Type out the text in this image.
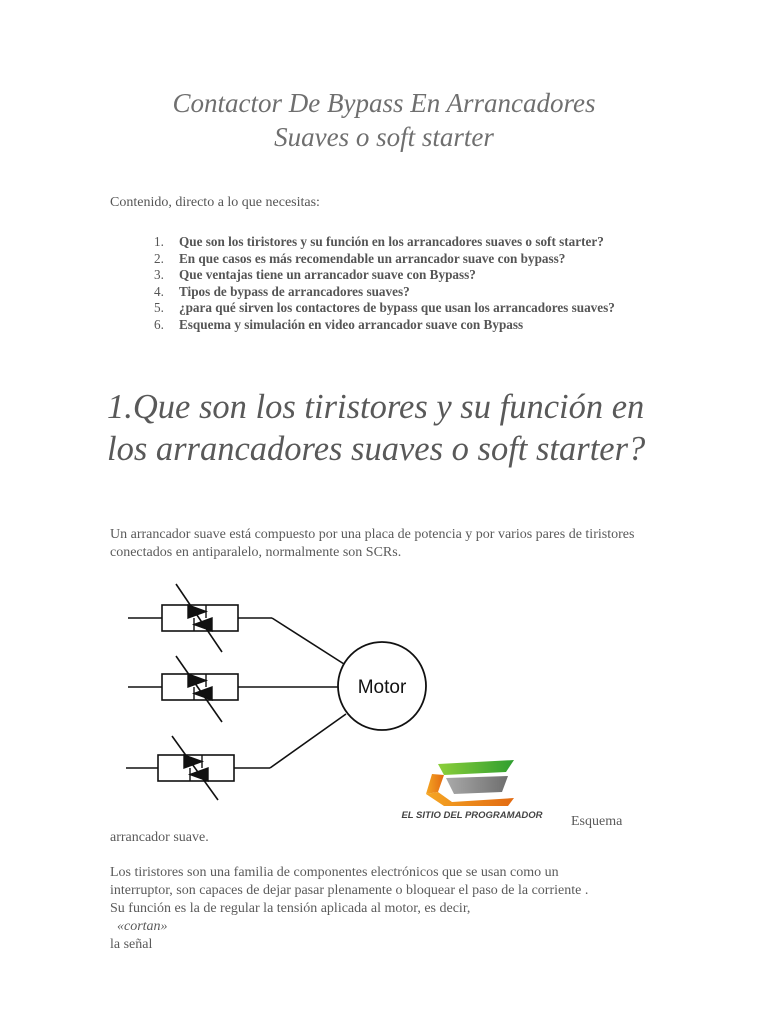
Contactor De Bypass En Arrancadores
Suaves o soft starter
Contenido, directo a lo que necesitas:
1. Que son los tiristores y su función en los arrancadores suaves o soft starter?
2. En que casos es más recomendable un arrancador suave con bypass?
3. Que ventajas tiene un arrancador suave con Bypass?
4. Tipos de bypass de arrancadores suaves?
5. ¿para qué sirven los contactores de bypass que usan los arrancadores suaves?
6. Esquema y simulación en video arrancador suave con Bypass
1.Que son los tiristores y su función en los arrancadores suaves o soft starter?

Un arrancador suave está compuesto por una placa de potencia y por varios pares de tiristores conectados en antiparalelo, normalmente son SCRs.

Motor
EL SITIO DEL PROGRAMADOR Esquema
arrancador suave.

Los tiristores son una familia de componentes electrónicos que se usan como un
interruptor, son capaces de dejar pasar plenamente o bloquear el paso de la corriente .
Su función es la de regular la tensión aplicada al motor, es decir,
«cortan»
la señal
